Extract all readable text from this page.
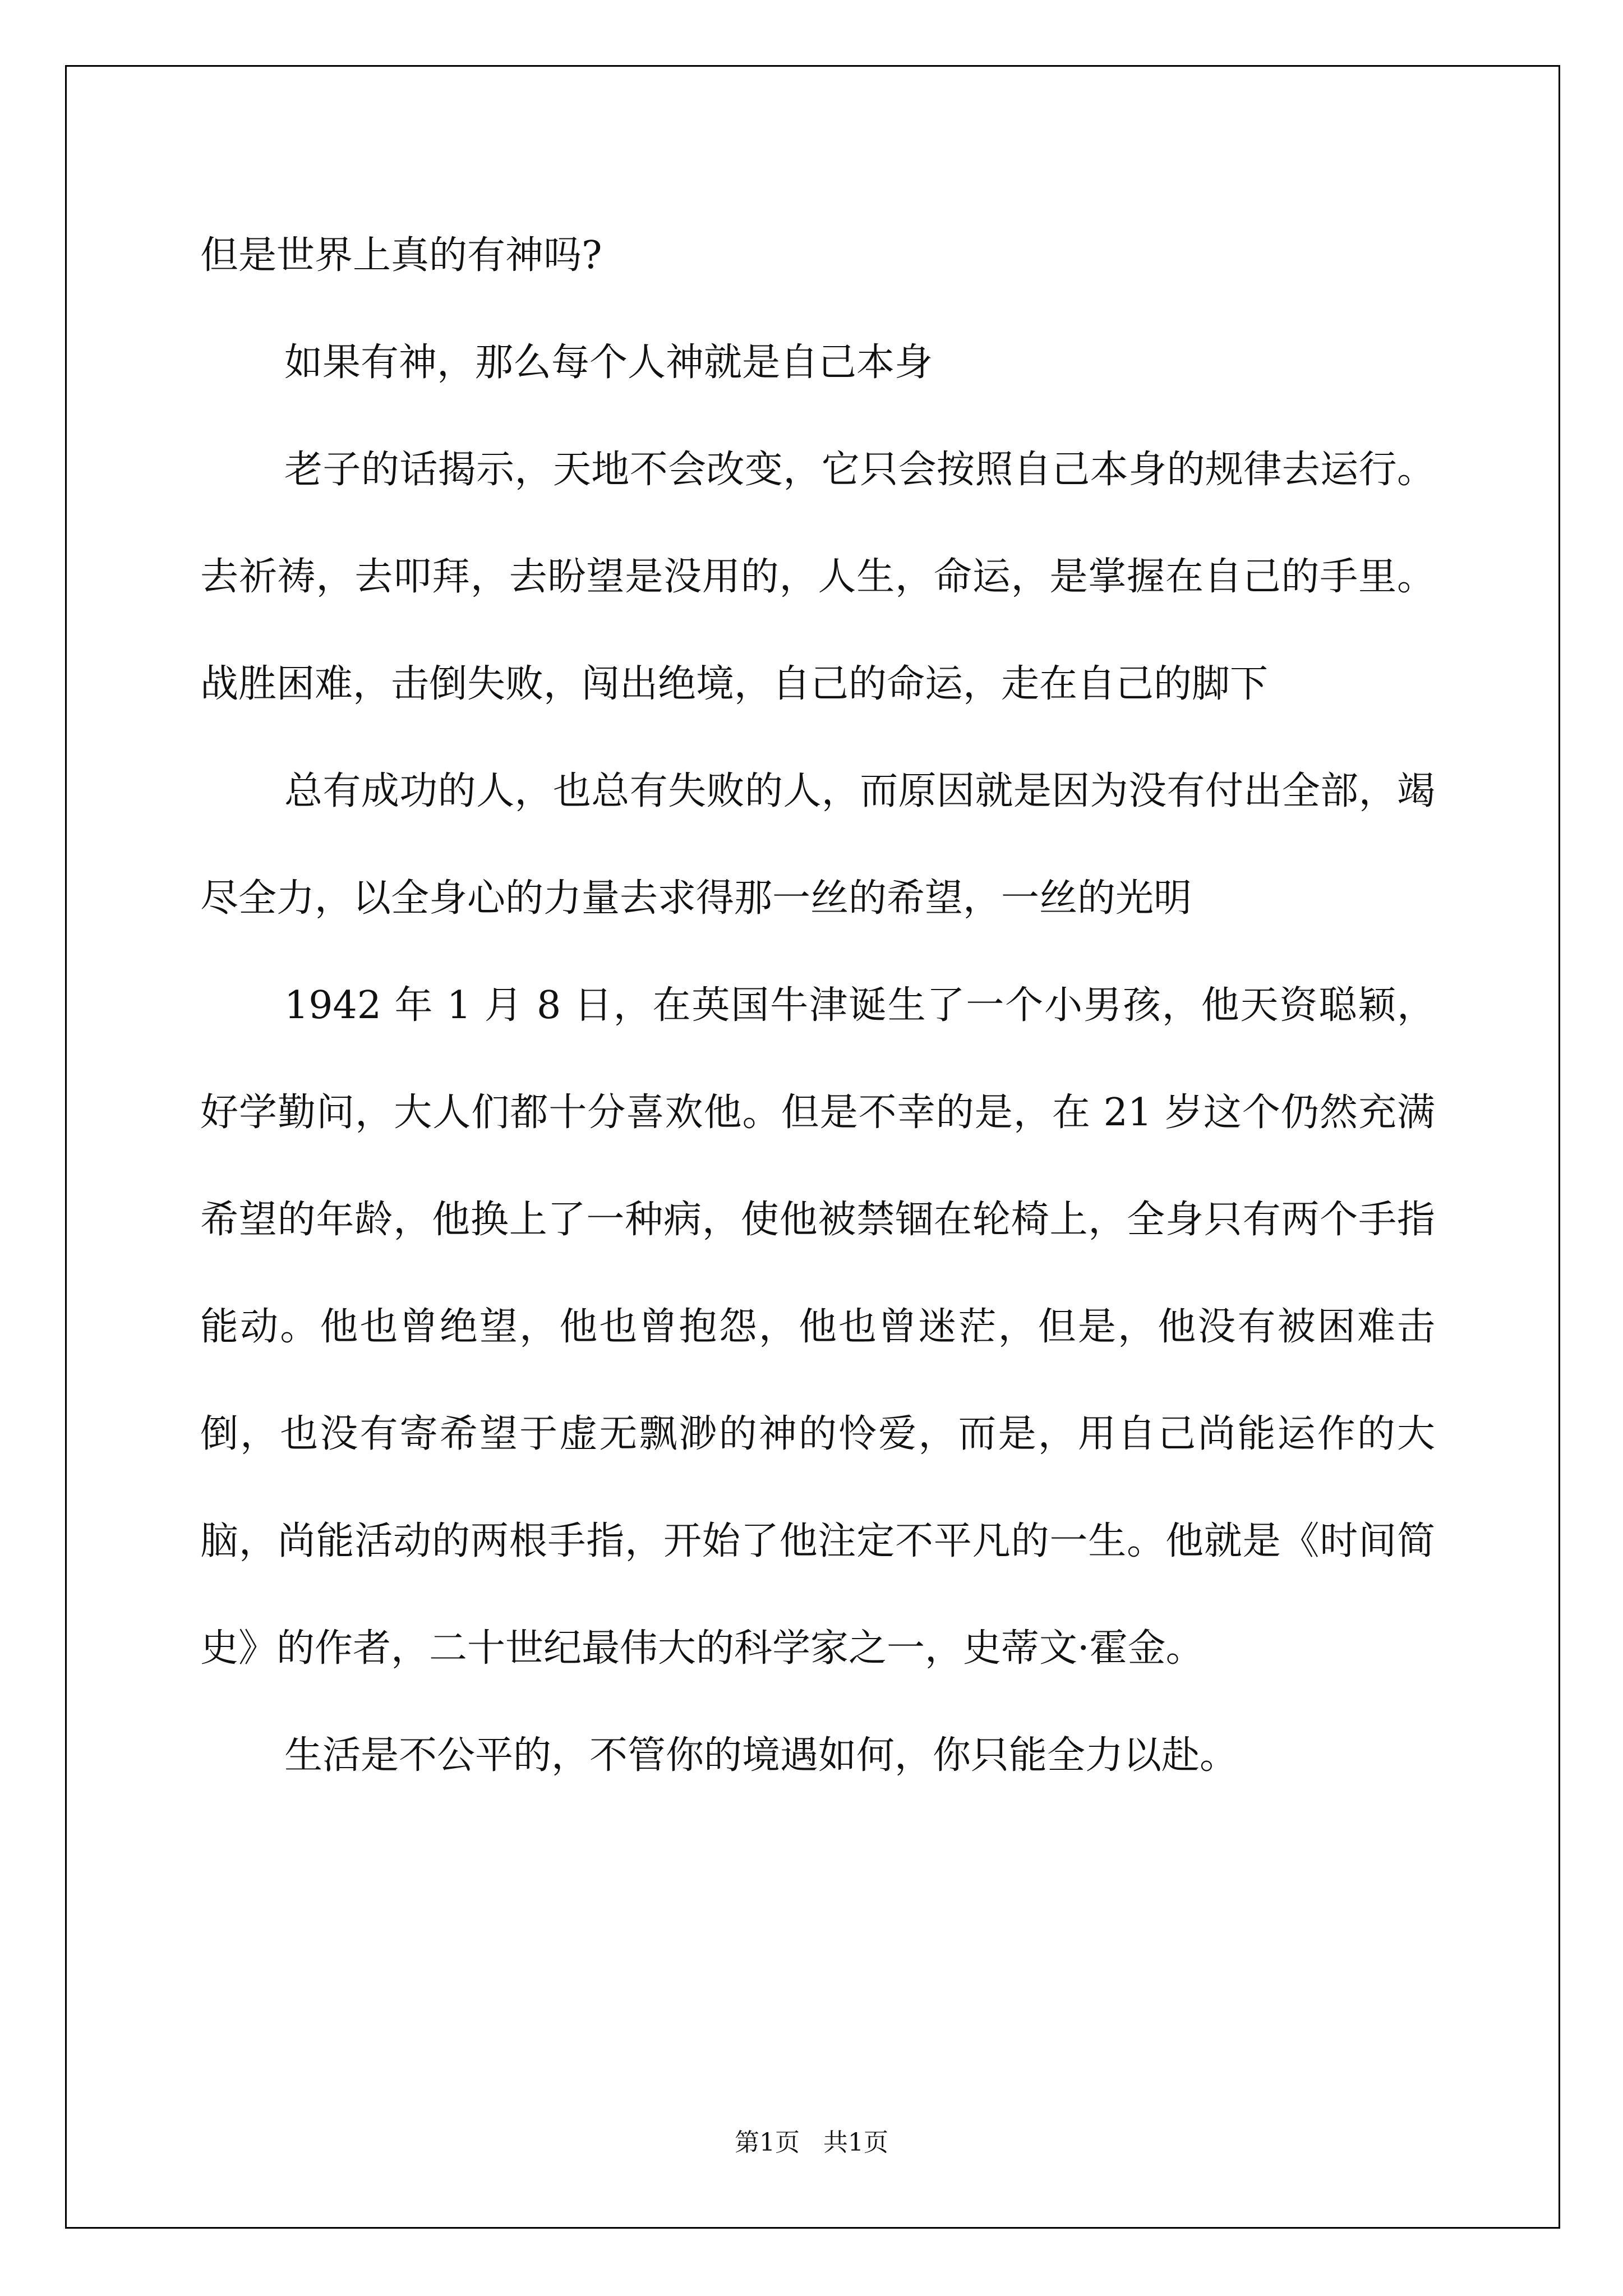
但是世界上真的有神吗?

如果有神，那么每个人神就是自己本身

老子的话揭示，天地不会改变，它只会按照自己本身的规律去运行。去祈祷，去叩拜，去盼望是没用的，人生，命运，是掌握在自己的手里。战胜困难，击倒失败，闯出绝境，自己的命运，走在自己的脚下

总有成功的人，也总有失败的人，而原因就是因为没有付出全部，竭尽全力，以全身心的力量去求得那一丝的希望，一丝的光明

1942 年 1 月 8 日，在英国牛津诞生了一个小男孩，他天资聪颖，好学勤问，大人们都十分喜欢他。但是不幸的是，在 21 岁这个仍然充满希望的年龄，他换上了一种病，使他被禁锢在轮椅上，全身只有两个手指能动。他也曾绝望，他也曾抱怨，他也曾迷茫，但是，他没有被困难击倒，也没有寄希望于虚无飘渺的神的怜爱，而是，用自己尚能运作的大脑，尚能活动的两根手指，开始了他注定不平凡的一生。他就是《时间简史》的作者，二十世纪最伟大的科学家之一，史蒂文·霍金。

生活是不公平的，不管你的境遇如何，你只能全力以赴。

第1页 共1页
